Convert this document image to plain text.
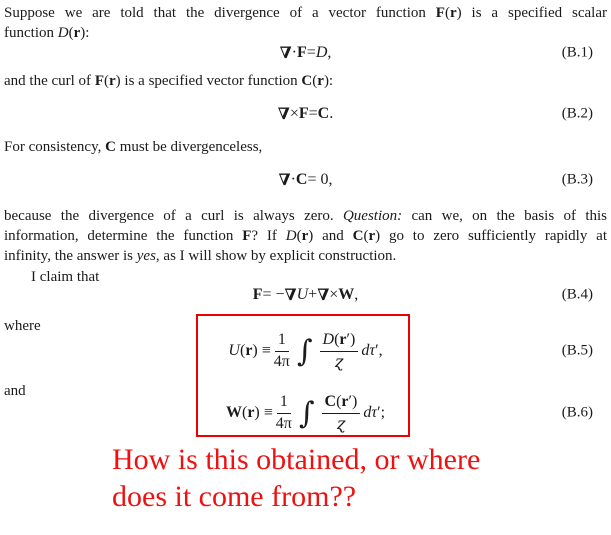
Suppose we are told that the divergence of a vector function F(r) is a specified scalar
function D(r):
∇ · F = D ,	(B.1)
and the curl of F(r) is a specified vector function C(r):
∇ × F = C .	(B.2)
For consistency, C must be divergenceless,
∇ · C = 0,	(B.3)
because the divergence of a curl is always zero. Question: can we, on the basis of this
information, determine the function F? If D(r) and C(r) go to zero sufficiently rapidly at
infinity, the answer is yes, as I will show by explicit construction.
I claim that
F = − ∇ U + ∇ × W ,	(B.4)
where
$U(r) \equiv \frac{1}{4\pi}$ ∫ $\frac{D(r')}{ɀ} d\tau'$,	(B.5)
and
$W(r) \equiv \frac{1}{4\pi}$ ∫ $\frac{C(r')}{ɀ} d\tau'$;	(B.6)
How is this obtained, or where
does it come from??
